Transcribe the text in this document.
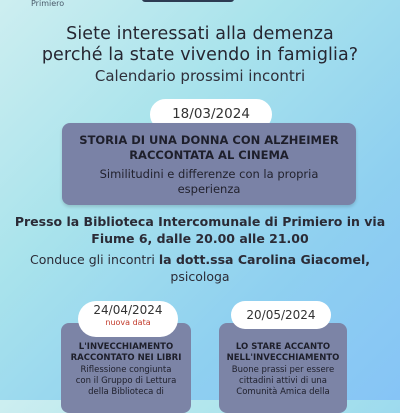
Primiero
Siete interessati alla demenza
perché la state vivendo in famiglia?
Calendario prossimi incontri
18/03/2024
STORIA DI UNA DONNA CON ALZHEIMER
RACCONTATA AL CINEMA
Similitudini e differenze con la propria
esperienza
Presso la Biblioteca Intercomunale di Primiero in via
Fiume 6, dalle 20.00 alle 21.00
Conduce gli incontri la dott.ssa Carolina Giacomel,
psicologa
L'INVECCHIAMENTO
RACCONTATO NEI LIBRI
Riflessione congiunta
con il Gruppo di Lettura
della Biblioteca di
24/04/2024
nuova data
LO STARE ACCANTO
NELL'INVECCHIAMENTO
Buone prassi per essere
cittadini attivi di una
Comunità Amica della
20/05/2024
